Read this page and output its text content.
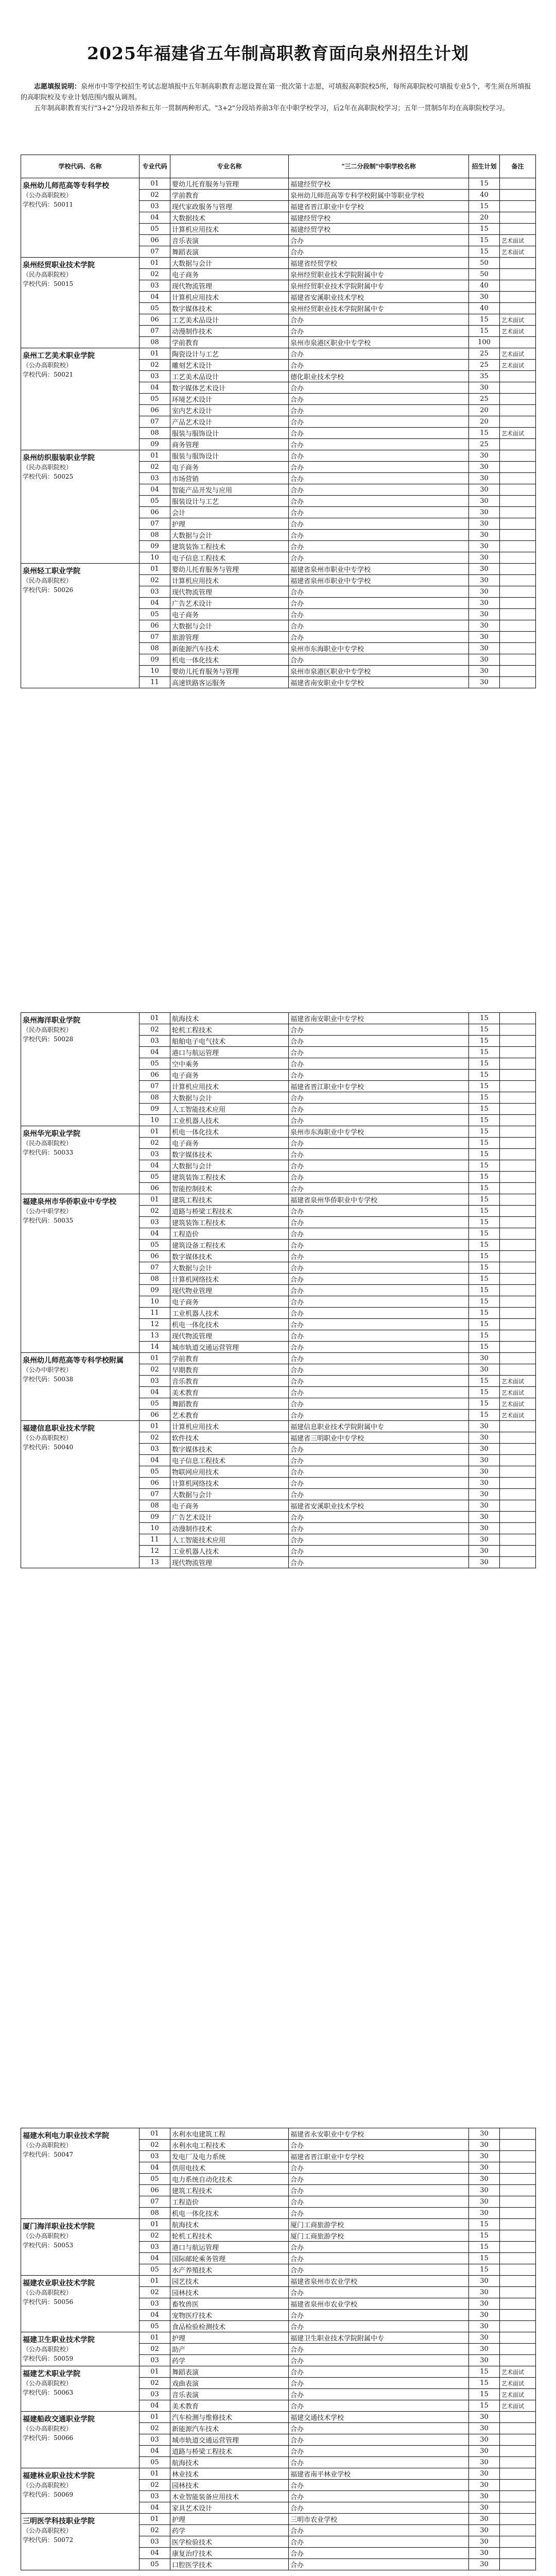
2025年福建省五年制高职教育面向泉州招生计划

志愿填报说明：泉州市中等学校招生考试志愿填报中五年制高职教育志愿设置在第一批次第十志愿，可填报高职院校5所，每所高职院校可填报专业5个，考生须在所填报的高职院校及专业计划范围内服从调剂。

五年制高职教育实行"3+2"分段培养和五年一贯制两种形式。"3+2"分段培养前3年在中职学校学习，后2年在高职院校学习；五年一贯制5年均在高职院校学习。

学校代码、名称	专业代码	专业名称	"三二分段制"中职学校名称	招生计划	备注

泉州幼儿师范高等专科学校
（公办高职院校）
学校代码：50011	01	婴幼儿托育服务与管理	福建经贸学校	15	
	02	学前教育	泉州幼儿师范高等专科学校附属中等职业学校	40	
	03	现代家政服务与管理	福建省晋江职业中专学校	15	
	04	大数据技术	福建经贸学校	20	
	05	计算机应用技术	福建经贸学校	15	
	06	音乐表演	合办	15	艺术面试
	07	舞蹈表演	合办	15	艺术面试

泉州经贸职业技术学院
（民办高职院校）
学校代码：50015	01	大数据与会计	福建省经贸学校	50	
	02	电子商务	泉州经贸职业技术学院附属中专	50	
	03	现代物流管理	泉州经贸职业技术学院附属中专	40	
	04	计算机应用技术	福建省安溪职业技术学校	30	
	05	数字媒体技术	泉州经贸职业技术学院附属中专	40	
	06	工艺美术品设计	合办	15	艺术面试
	07	动漫制作技术	合办	15	艺术面试
	08	学前教育	泉州市泉港区职业中专学校	100	

泉州工艺美术职业学院
（公办高职院校）
学校代码：50021	01	陶瓷设计与工艺	合办	25	艺术面试
	02	雕刻艺术设计	合办	25	艺术面试
	03	工艺美术品设计	德化职业技术学校	35	
	04	数字媒体艺术设计	合办	30	
	05	环境艺术设计	合办	25	
	06	室内艺术设计	合办	20	
	07	产品艺术设计	合办	20	
	08	服装与服饰设计	合办	15	艺术面试
	09	商务管理	合办	25	

泉州纺织服装职业学院
（民办高职院校）
学校代码：50025	01	服装与服饰设计	合办	30	
	02	电子商务	合办	30	
	03	市场营销	合办	30	
	04	智能产品开发与应用	合办	30	
	05	服装设计与工艺	合办	30	
	06	会计	合办	30	
	07	护理	合办	30	
	08	大数据与会计	合办	30	
	09	建筑装饰工程技术	合办	30	
	10	电子信息工程技术	合办	30	

泉州轻工职业学院
（民办高职院校）
学校代码：50026	01	婴幼儿托育服务与管理	福建省泉州市职业中专学校	30	
	02	计算机应用技术	福建省泉州市职业中专学校	30	
	03	现代物流管理	合办	30	
	04	广告艺术设计	合办	30	
	05	电子商务	合办	30	
	06	大数据与会计	合办	30	
	07	旅游管理	合办	30	
	08	新能源汽车技术	泉州市东海职业中专学校	30	
	09	机电一体化技术	合办	30	
	10	婴幼儿托育服务与管理	泉州市泉港区职业中专学校	30	
	11	高速铁路客运服务	福建省南安职业中专学校	30	
泉州海洋职业学院
（民办高职院校）
学校代码：50028	01	航海技术	福建省南安职业中专学校	15	
	02	轮机工程技术	合办	15	
	03	船舶电子电气技术	合办	15	
	04	港口与航运管理	合办	15	
	05	空中乘务	合办	15	
	06	电子商务	合办	15	
	07	计算机应用技术	福建省晋江职业中专学校	15	
	08	大数据与会计	合办	15	
	09	人工智能技术应用	合办	15	
	10	工业机器人技术	合办	15	

泉州华光职业学院
（民办高职院校）
学校代码：50033	01	机电一体化技术	泉州市东海职业中专学校	15	
	02	电子商务	合办	15	
	03	数字媒体技术	合办	15	
	04	大数据与会计	合办	15	
	05	建筑装饰工程技术	合办	15	
	06	智能控制技术	合办	15	

福建泉州市华侨职业中专学校
（公办中职学校）
学校代码：50035	01	建筑工程技术	福建省泉州华侨职业中专学校	15	
	02	道路与桥梁工程技术	合办	15	
	03	建筑装饰工程技术	合办	15	
	04	工程造价	合办	15	
	05	建筑设备工程技术	合办	15	
	06	数字媒体技术	合办	15	
	07	大数据与会计	合办	15	
	08	计算机网络技术	合办	15	
	09	现代物业管理	合办	15	
	10	电子商务	合办	15	
	11	工业机器人技术	合办	15	
	12	机电一体化技术	合办	15	
	13	现代物流管理	合办	15	
	14	城市轨道交通运营管理	合办	15	

泉州幼儿师范高等专科学校附属
（公办中职学校）
学校代码：50038	01	学前教育	合办	30	
	02	早期教育	合办	30	
	03	音乐教育	合办	15	艺术面试
	04	美术教育	合办	15	艺术面试
	05	舞蹈教育	合办	15	艺术面试
	06	艺术教育	合办	15	艺术面试

福建信息职业技术学院
（公办高职院校）
学校代码：50040	01	计算机应用技术	福建信息职业技术学院附属中专	30	
	02	软件技术	福建省三明职业中专学校	30	
	03	数字媒体技术	合办	30	
	04	电子信息工程技术	合办	30	
	05	物联网应用技术	合办	30	
	06	计算机网络技术	合办	30	
	07	大数据与会计	合办	30	
	08	电子商务	福建省安溪职业技术学校	30	
	09	广告艺术设计	合办	30	
	10	动漫制作技术	合办	30	
	11	人工智能技术应用	合办	30	
	12	工业机器人技术	合办	30	
	13	现代物流管理	合办	30	
福建水利电力职业技术学院
（公办高职院校）
学校代码：50047	01	水利水电建筑工程	福建省永安职业中专学校	30	
	02	水利水电工程技术	合办	30	
	03	发电厂及电力系统	福建省晋江职业中专学校	30	
	04	供用电技术	合办	30	
	05	电力系统自动化技术	合办	30	
	06	建筑工程技术	合办	30	
	07	工程造价	合办	30	
	08	机电一体化技术	合办	30	

厦门海洋职业技术学院
（公办高职院校）
学校代码：50053	01	航海技术	厦门工商旅游学校	15	
	02	轮机工程技术	厦门工商旅游学校	15	
	03	港口与航运管理	合办	15	
	04	国际邮轮乘务管理	合办	15	
	05	水产养殖技术	合办	15	

福建农业职业技术学院
（公办高职院校）
学校代码：50056	01	园艺技术	福建省泉州市农业学校	30	
	02	园林技术	合办	30	
	03	畜牧兽医	福建省泉州市农业学校	30	
	04	宠物医疗技术	合办	30	
	05	食品检验检测技术	合办	30	

福建卫生职业技术学院
（公办高职院校）
学校代码：50059	01	护理	福建卫生职业技术学院附属中专	30	
	02	助产	合办	30	
	03	药学	合办	30	

福建艺术职业学院
（公办高职院校）
学校代码：50063	01	舞蹈表演	合办	15	艺术面试
	02	戏曲表演	合办	15	艺术面试
	03	音乐表演	合办	15	艺术面试
	04	美术教育	合办	15	艺术面试

福建船政交通职业学院
（公办高职院校）
学校代码：50066	01	汽车检测与维修技术	福建交通技术学校	30	
	02	新能源汽车技术	合办	30	
	03	城市轨道交通运营管理	合办	30	
	04	道路与桥梁工程技术	合办	30	
	05	航海技术	合办	30	

福建林业职业技术学院
（公办高职院校）
学校代码：50069	01	林业技术	福建省南平林业学校	30	
	02	园林技术	合办	30	
	03	木业智能装备应用技术	合办	30	
	04	家具艺术设计	合办	30	

三明医学科技职业学院
（公办高职院校）
学校代码：50072	01	护理	三明市农业学校	30	
	02	药学	合办	30	
	03	医学检验技术	合办	30	
	04	康复治疗技术	合办	30	
	05	口腔医学技术	合办	30	
